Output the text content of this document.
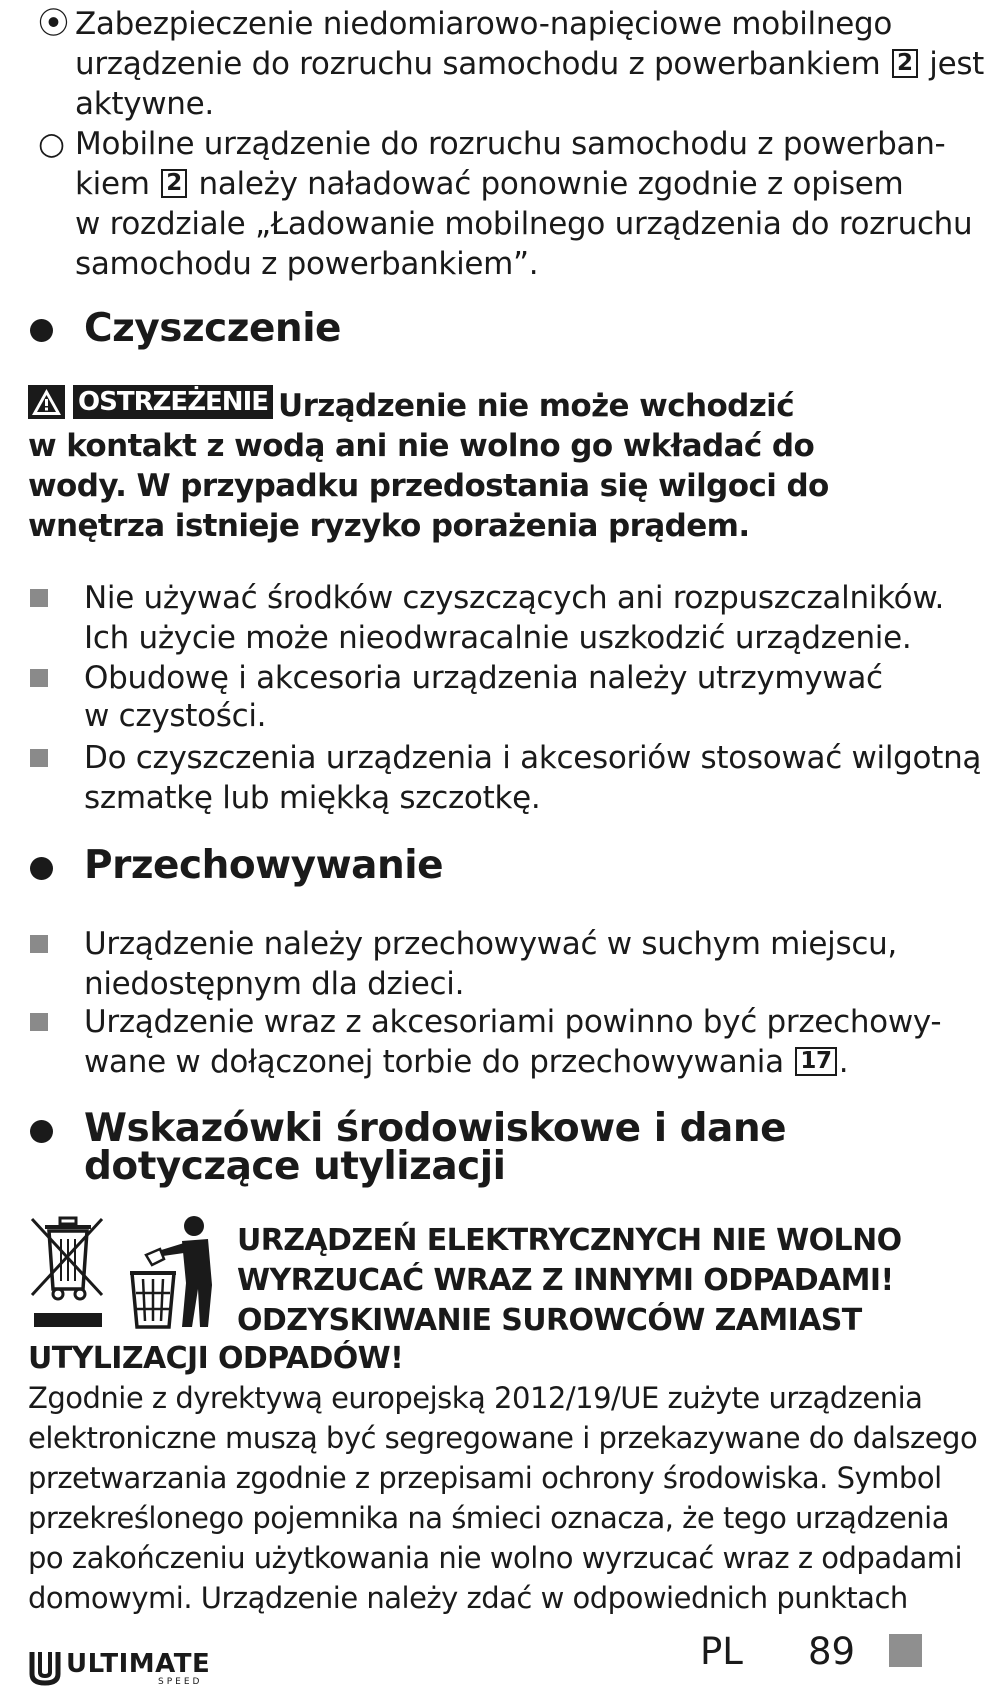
⦿ Zabezpieczenie niedomiarowo-napięciowe mobilnego
urządzenie do rozruchu samochodu z powerbankiem 2 jest
aktywne.
○ Mobilne urządzenie do rozruchu samochodu z powerban-
kiem 2 należy naładować ponownie zgodnie z opisem
w rozdziale „Ładowanie mobilnego urządzenia do rozruchu
samochodu z powerbankiem”.
Czyszczenie
OSTRZEŻENIE Urządzenie nie może wchodzić
w kontakt z wodą ani nie wolno go wkładać do
wody. W przypadku przedostania się wilgoci do
wnętrza istnieje ryzyko porażenia prądem.
Nie używać środków czyszczących ani rozpuszczalników.
Ich użycie może nieodwracalnie uszkodzić urządzenie.
Obudowę i akcesoria urządzenia należy utrzymywać
w czystości.
Do czyszczenia urządzenia i akcesoriów stosować wilgotną
szmatkę lub miękką szczotkę.
Przechowywanie
Urządzenie należy przechowywać w suchym miejscu,
niedostępnym dla dzieci.
Urządzenie wraz z akcesoriami powinno być przechowy-
wane w dołączonej torbie do przechowywania 17 .
Wskazówki środowiskowe i dane
dotyczące utylizacji
URZĄDZEŃ ELEKTRYCZNYCH NIE WOLNO
WYRZUCAĆ WRAZ Z INNYMI ODPADAMI!
ODZYSKIWANIE SUROWCÓW ZAMIAST
UTYLIZACJI ODPADÓW!
Zgodnie z dyrektywą europejską 2012/19/UE zużyte urządzenia
elektroniczne muszą być segregowane i przekazywane do dalszego
przetwarzania zgodnie z przepisami ochrony środowiska. Symbol
przekreślonego pojemnika na śmieci oznacza, że tego urządzenia
po zakończeniu użytkowania nie wolno wyrzucać wraz z odpadami
domowymi. Urządzenie należy zdać w odpowiednich punktach
ULTIMATE
SPEED
PL 89
